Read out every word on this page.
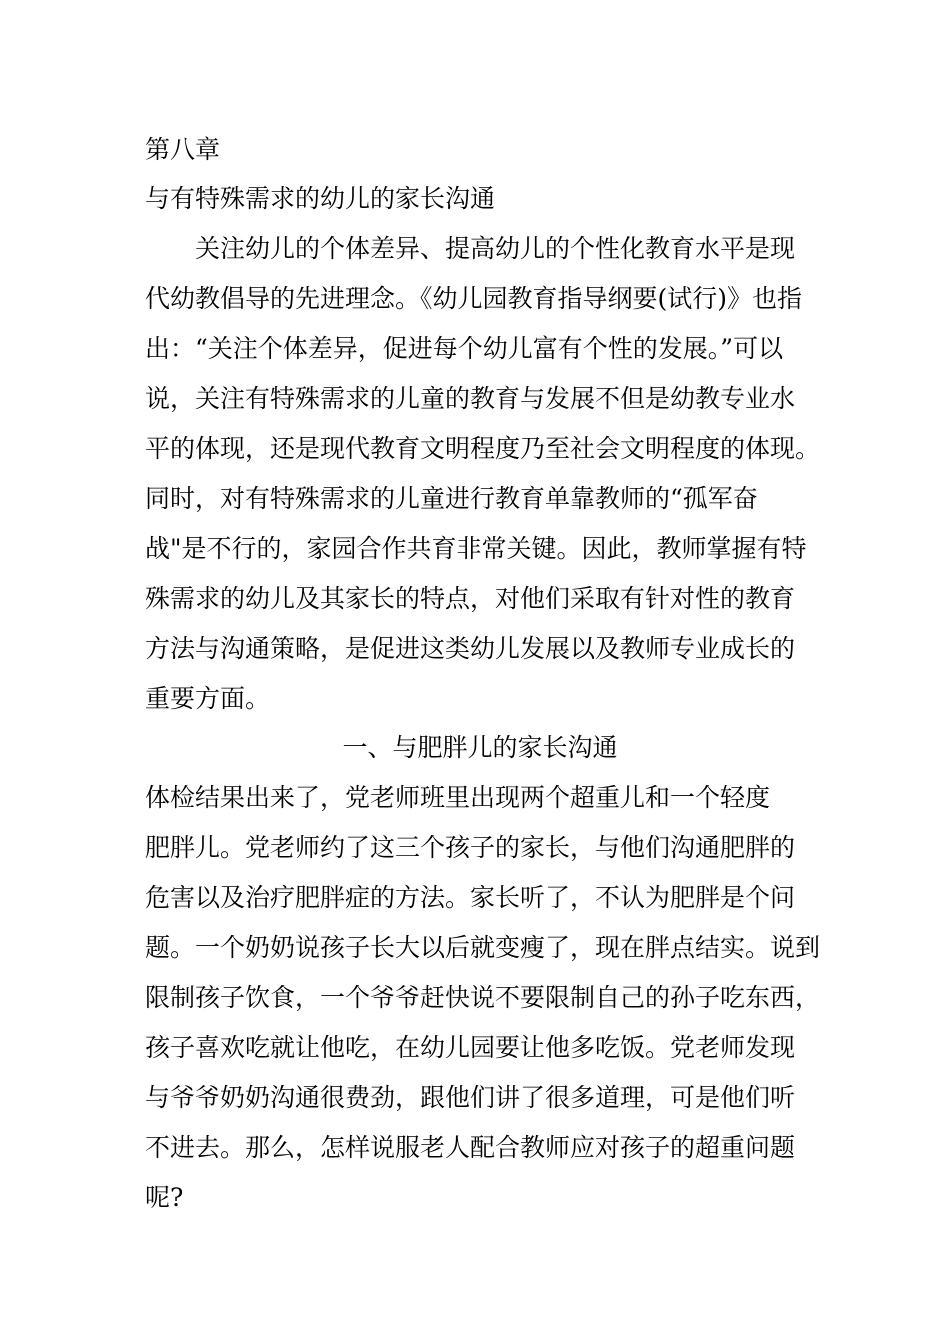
第八章
与有特殊需求的幼儿的家长沟通
　　关注幼儿的个体差异、提高幼儿的个性化教育水平是现
代幼教倡导的先进理念。《幼儿园教育指导纲要(试行)》也指
出：“关注个体差异，促进每个幼儿富有个性的发展。”可以
说，关注有特殊需求的儿童的教育与发展不但是幼教专业水
平的体现，还是现代教育文明程度乃至社会文明程度的体现。
同时，对有特殊需求的儿童进行教育单靠教师的“孤军奋
战"是不行的，家园合作共育非常关键。因此，教师掌握有特
殊需求的幼儿及其家长的特点，对他们采取有针对性的教育
方法与沟通策略，是促进这类幼儿发展以及教师专业成长的
重要方面。
一、与肥胖儿的家长沟通
体检结果出来了，党老师班里出现两个超重儿和一个轻度
肥胖儿。党老师约了这三个孩子的家长，与他们沟通肥胖的
危害以及治疗肥胖症的方法。家长听了，不认为肥胖是个问
题。一个奶奶说孩子长大以后就变瘦了，现在胖点结实。说到
限制孩子饮食，一个爷爷赶快说不要限制自己的孙子吃东西，
孩子喜欢吃就让他吃，在幼儿园要让他多吃饭。党老师发现
与爷爷奶奶沟通很费劲，跟他们讲了很多道理，可是他们听
不进去。那么，怎样说服老人配合教师应对孩子的超重问题
呢?
